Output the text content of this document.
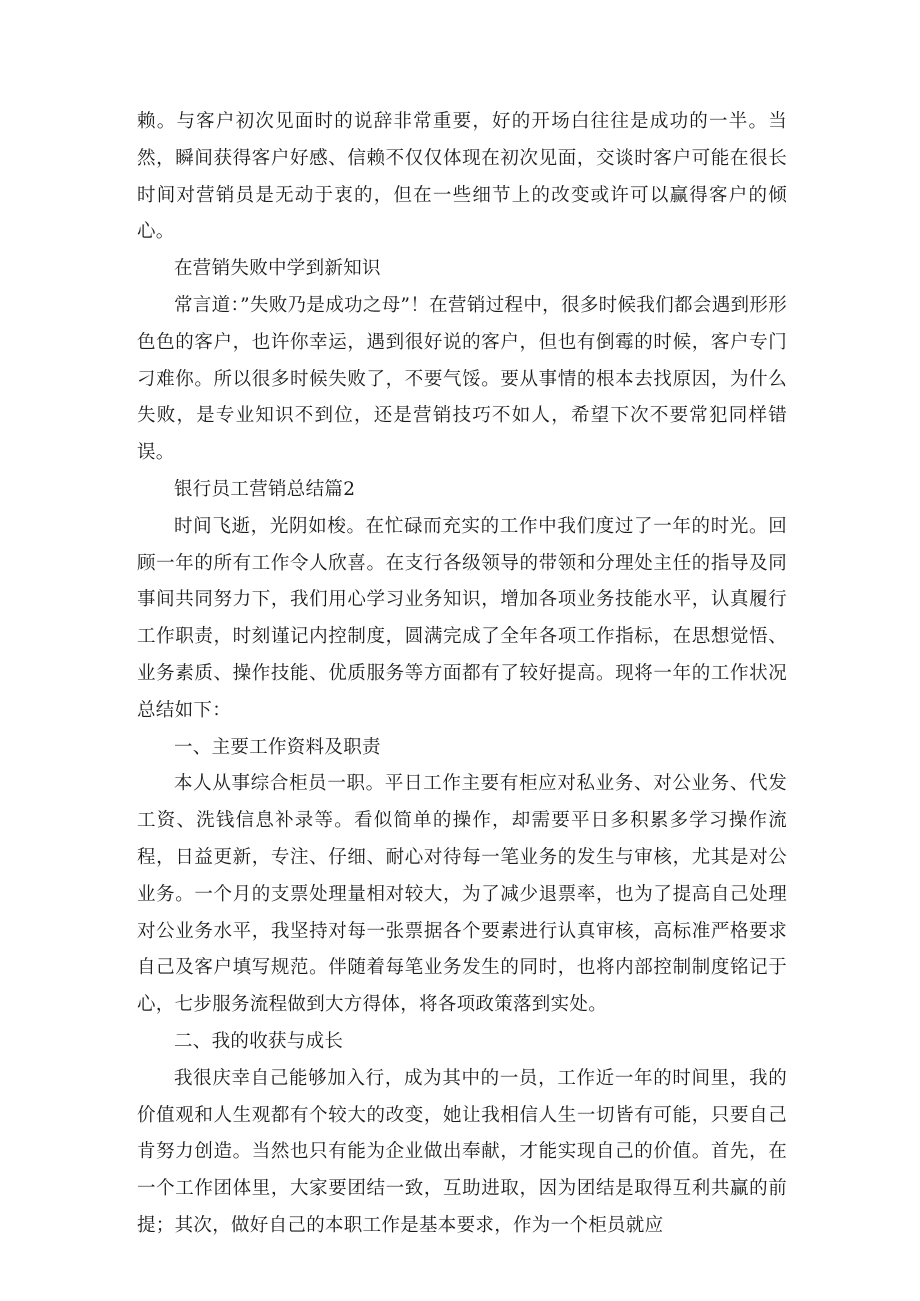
赖。与客户初次见面时的说辞非常重要，好的开场白往往是成功的一半。当然，瞬间获得客户好感、信赖不仅仅体现在初次见面，交谈时客户可能在很长时间对营销员是无动于衷的，但在一些细节上的改变或许可以赢得客户的倾心。

在营销失败中学到新知识

常言道：”失败乃是成功之母”！在营销过程中，很多时候我们都会遇到形形色色的客户，也许你幸运，遇到很好说的客户，但也有倒霉的时候，客户专门刁难你。所以很多时候失败了，不要气馁。要从事情的根本去找原因，为什么失败，是专业知识不到位，还是营销技巧不如人，希望下次不要常犯同样错误。

银行员工营销总结篇2

时间飞逝，光阴如梭。在忙碌而充实的工作中我们度过了一年的时光。回顾一年的所有工作令人欣喜。在支行各级领导的带领和分理处主任的指导及同事间共同努力下，我们用心学习业务知识，增加各项业务技能水平，认真履行工作职责，时刻谨记内控制度，圆满完成了全年各项工作指标，在思想觉悟、业务素质、操作技能、优质服务等方面都有了较好提高。现将一年的工作状况总结如下：

一、主要工作资料及职责

本人从事综合柜员一职。平日工作主要有柜应对私业务、对公业务、代发工资、洗钱信息补录等。看似简单的操作，却需要平日多积累多学习操作流程，日益更新，专注、仔细、耐心对待每一笔业务的发生与审核，尤其是对公业务。一个月的支票处理量相对较大，为了减少退票率，也为了提高自己处理对公业务水平，我坚持对每一张票据各个要素进行认真审核，高标准严格要求自己及客户填写规范。伴随着每笔业务发生的同时，也将内部控制制度铭记于心，七步服务流程做到大方得体，将各项政策落到实处。

二、我的收获与成长

我很庆幸自己能够加入行，成为其中的一员，工作近一年的时间里，我的价值观和人生观都有个较大的改变，她让我相信人生一切皆有可能，只要自己肯努力创造。当然也只有能为企业做出奉献，才能实现自己的价值。首先，在一个工作团体里，大家要团结一致，互助进取，因为团结是取得互利共赢的前提；其次，做好自己的本职工作是基本要求，作为一个柜员就应
